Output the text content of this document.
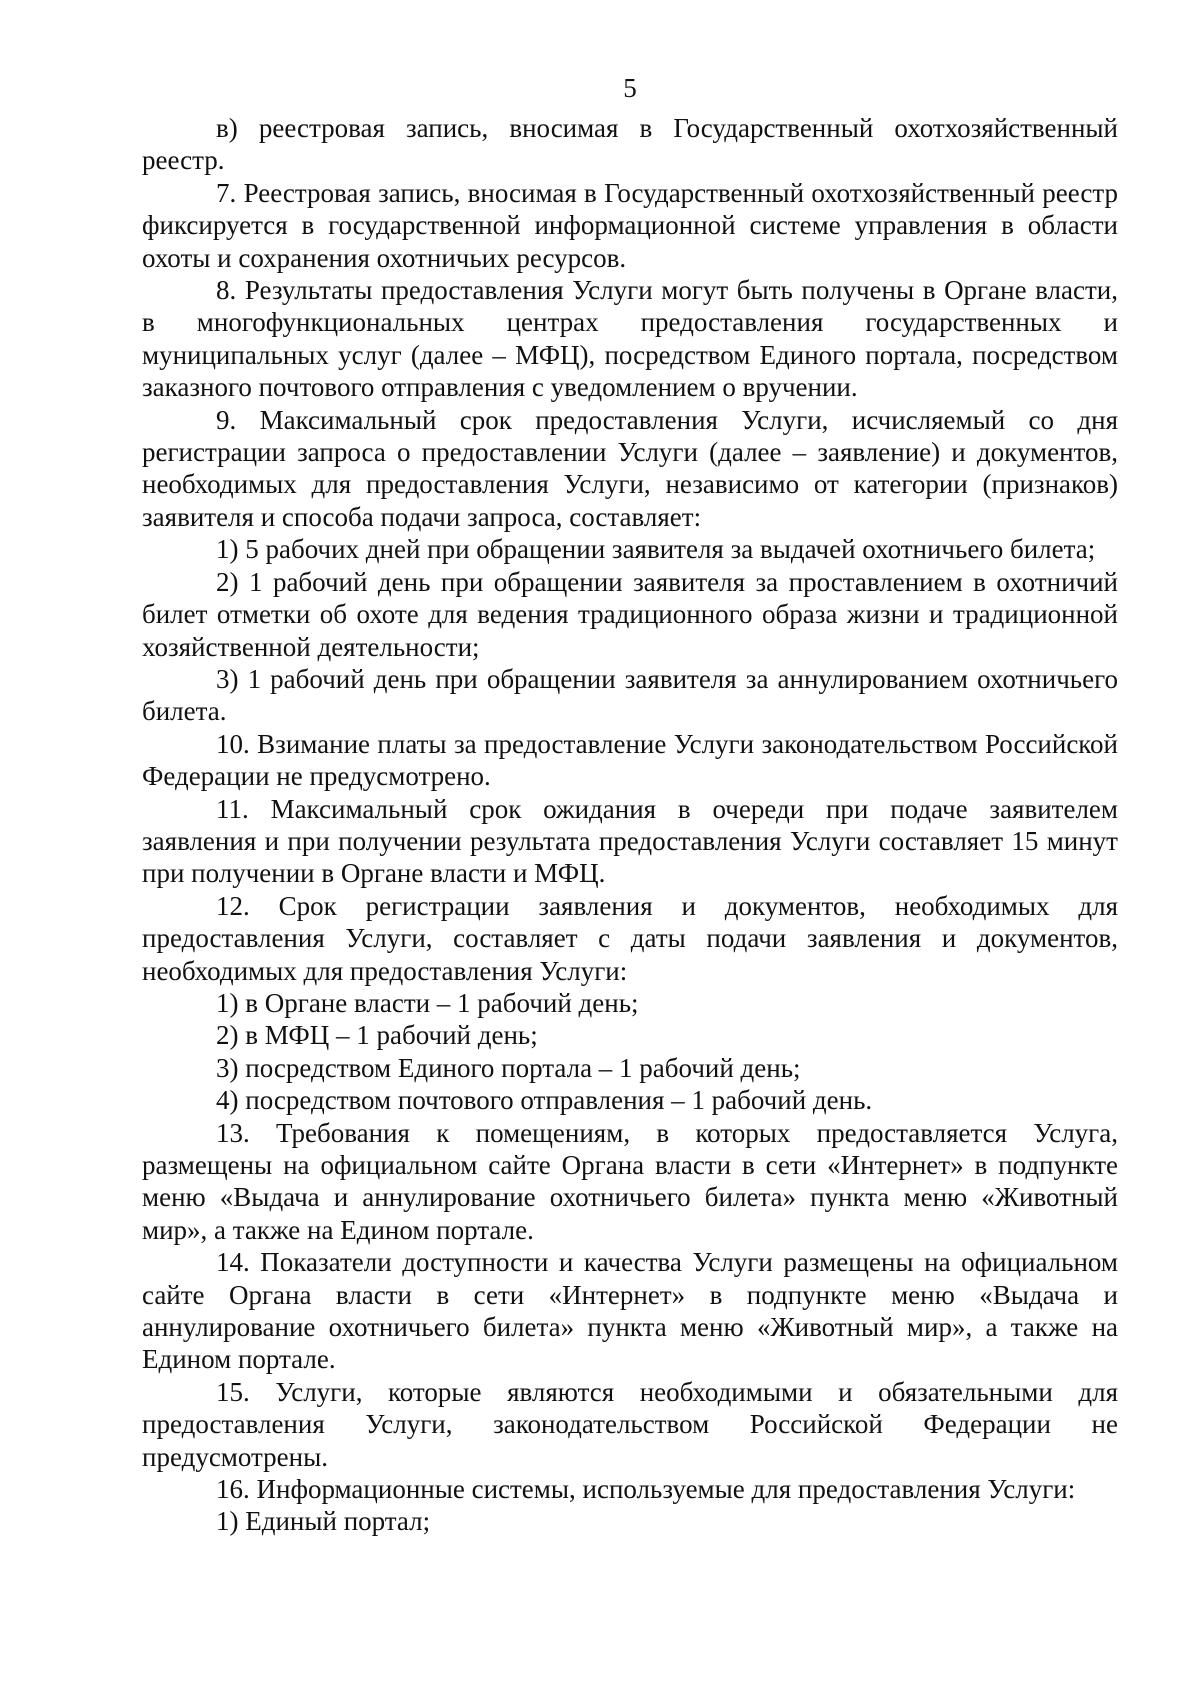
5

в) реестровая запись, вносимая в Государственный охотхозяйственный реестр.

7. Реестровая запись, вносимая в Государственный охотхозяйственный реестр фиксируется в государственной информационной системе управления в области охоты и сохранения охотничьих ресурсов.

8. Результаты предоставления Услуги могут быть получены в Органе власти, в многофункциональных центрах предоставления государственных и муниципальных услуг (далее – МФЦ), посредством Единого портала, посредством заказного почтового отправления с уведомлением о вручении.

9. Максимальный срок предоставления Услуги, исчисляемый со дня регистрации запроса о предоставлении Услуги (далее – заявление) и документов, необходимых для предоставления Услуги, независимо от категории (признаков) заявителя и способа подачи запроса, составляет:

1) 5 рабочих дней при обращении заявителя за выдачей охотничьего билета;

2) 1 рабочий день при обращении заявителя за проставлением в охотничий билет отметки об охоте для ведения традиционного образа жизни и традиционной хозяйственной деятельности;

3) 1 рабочий день при обращении заявителя за аннулированием охотничьего билета.

10. Взимание платы за предоставление Услуги законодательством Российской Федерации не предусмотрено.

11. Максимальный срок ожидания в очереди при подаче заявителем заявления и при получении результата предоставления Услуги составляет 15 минут при получении в Органе власти и МФЦ.

12. Срок регистрации заявления и документов, необходимых для предоставления Услуги, составляет с даты подачи заявления и документов, необходимых для предоставления Услуги:

1) в Органе власти – 1 рабочий день;

2) в МФЦ – 1 рабочий день;

3) посредством Единого портала – 1 рабочий день;

4) посредством почтового отправления – 1 рабочий день.

13. Требования к помещениям, в которых предоставляется Услуга, размещены на официальном сайте Органа власти в сети «Интернет» в подпункте меню «Выдача и аннулирование охотничьего билета» пункта меню «Животный мир», а также на Едином портале.

14. Показатели доступности и качества Услуги размещены на официальном сайте Органа власти в сети «Интернет» в подпункте меню «Выдача и аннулирование охотничьего билета» пункта меню «Животный мир», а также на Едином портале.

15. Услуги, которые являются необходимыми и обязательными для предоставления Услуги, законодательством Российской Федерации не предусмотрены.

16. Информационные системы, используемые для предоставления Услуги:

1) Единый портал;
